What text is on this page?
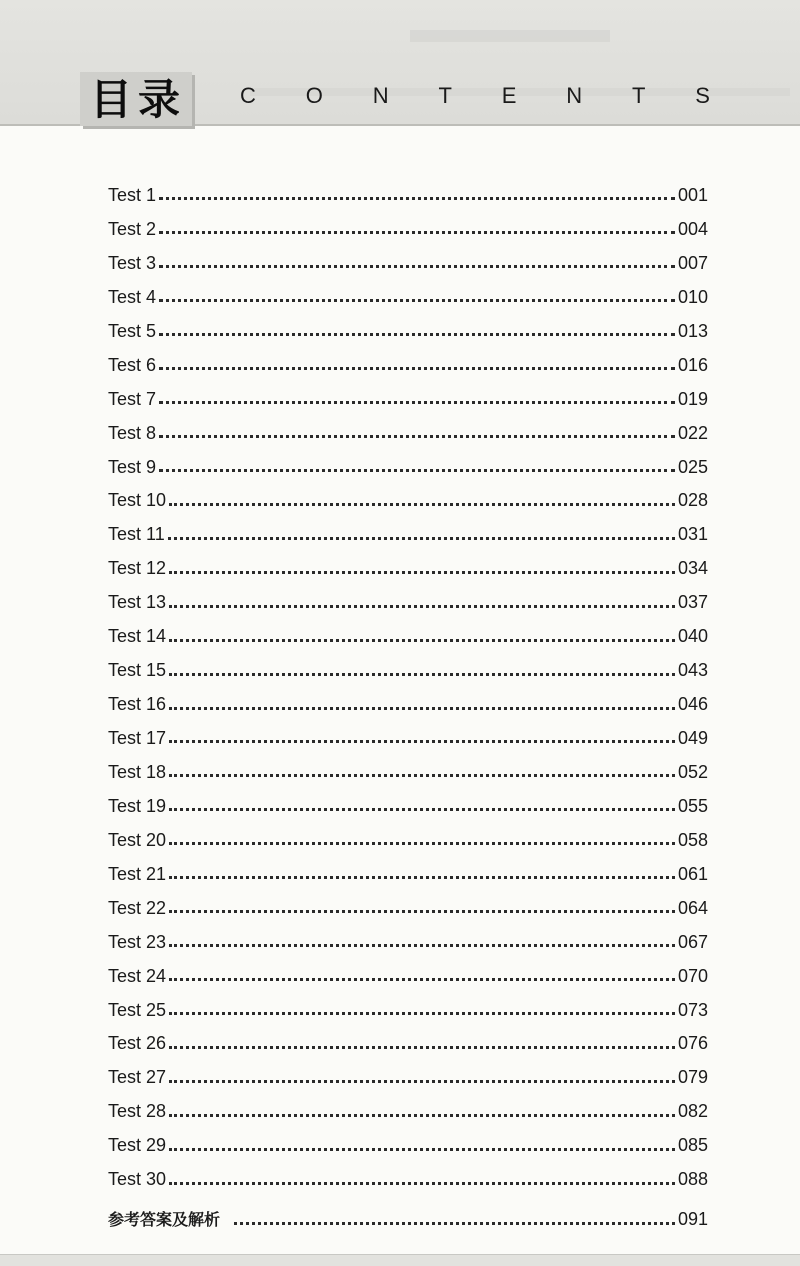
目录 C O N T E N T S
Test 1	001
Test 2	004
Test 3	007
Test 4	010
Test 5	013
Test 6	016
Test 7	019
Test 8	022
Test 9	025
Test 10	028
Test 11	031
Test 12	034
Test 13	037
Test 14	040
Test 15	043
Test 16	046
Test 17	049
Test 18	052
Test 19	055
Test 20	058
Test 21	061
Test 22	064
Test 23	067
Test 24	070
Test 25	073
Test 26	076
Test 27	079
Test 28	082
Test 29	085
Test 30	088
参考答案及解析	091
